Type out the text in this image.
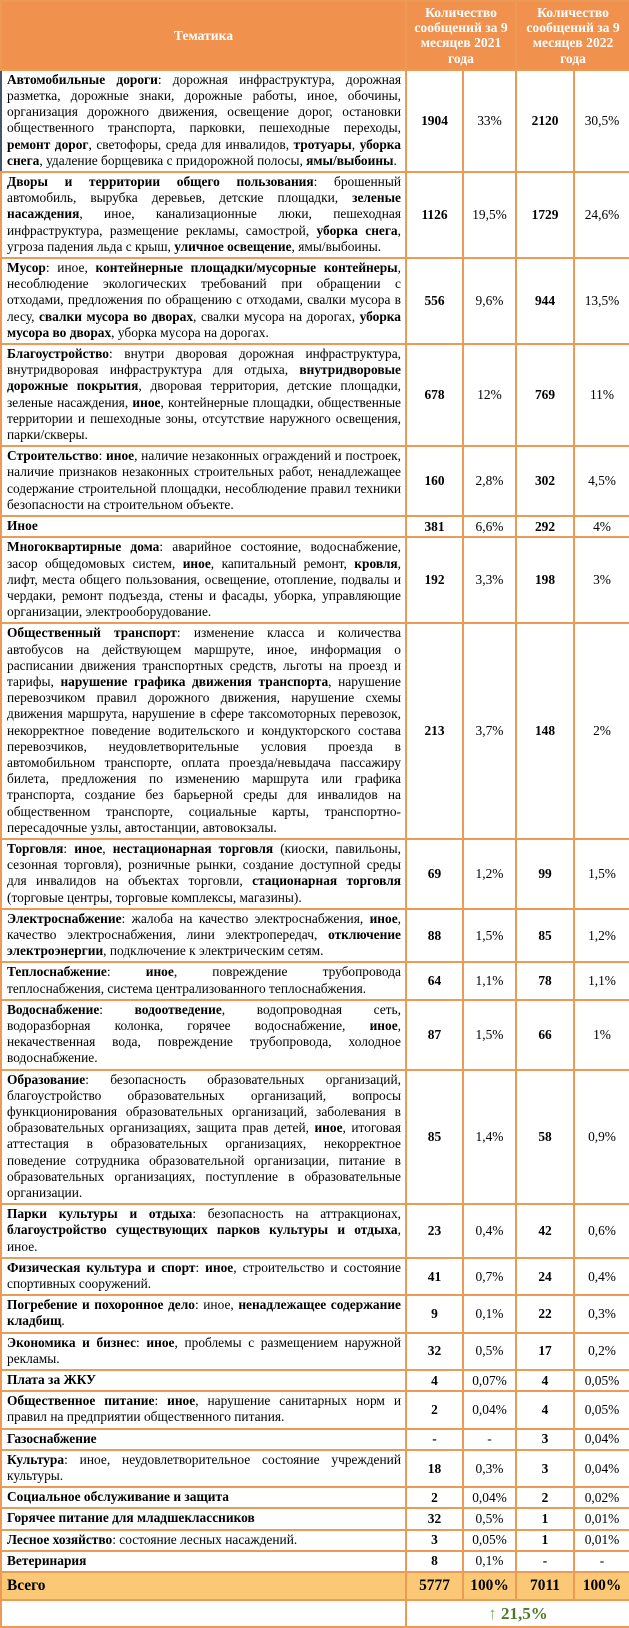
Тематика	Количество сообщений за 9 месяцев 2021 года		Количество сообщений за 9 месяцев 2022 года	
Автомобильные дороги: дорожная инфраструктура, дорожная разметка, дорожные знаки, дорожные работы, иное, обочины, организация дорожного движения, освещение дорог, остановки общественного транспорта, парковки, пешеходные переходы, ремонт дорог, светофоры, среда для инвалидов, тротуары, уборка снега, удаление борщевика с придорожной полосы, ямы/выбоины.	1904	33%	2120	30,5%
Дворы и территории общего пользования: брошенный автомобиль, вырубка деревьев, детские площадки, зеленые насаждения, иное, канализационные люки, пешеходная инфраструктура, размещение рекламы, самострой, уборка снега, угроза падения льда с крыш, уличное освещение, ямы/выбоины.	1126	19,5%	1729	24,6%
Мусор: иное, контейнерные площадки/мусорные контейнеры, несоблюдение экологических требований при обращении с отходами, предложения по обращению с отходами, свалки мусора в лесу, свалки мусора во дворах, свалки мусора на дорогах, уборка мусора во дворах, уборка мусора на дорогах.	556	9,6%	944	13,5%
Благоустройство: внутри дворовая дорожная инфраструктура, внутридворовая инфраструктура для отдыха, внутридворовые дорожные покрытия, дворовая территория, детские площадки, зеленые насаждения, иное, контейнерные площадки, общественные территории и пешеходные зоны, отсутствие наружного освещения, парки/скверы.	678	12%	769	11%
Строительство: иное, наличие незаконных ограждений и построек, наличие признаков незаконных строительных работ, ненадлежащее содержание строительной площадки, несоблюдение правил техники безопасности на строительном объекте.	160	2,8%	302	4,5%
Иное	381	6,6%	292	4%
Многоквартирные дома: аварийное состояние, водоснабжение, засор общедомовых систем, иное, капитальный ремонт, кровля, лифт, места общего пользования, освещение, отопление, подвалы и чердаки, ремонт подъезда, стены и фасады, уборка, управляющие организации, электрооборудование.	192	3,3%	198	3%
Общественный транспорт: изменение класса и количества автобусов на действующем маршруте, иное, информация о расписании движения транспортных средств, льготы на проезд и тарифы, нарушение графика движения транспорта, нарушение перевозчиком правил дорожного движения, нарушение схемы движения маршрута, нарушение в сфере таксомоторных перевозок, некорректное поведение водительского и кондукторского состава перевозчиков, неудовлетворительные условия проезда в автомобильном транспорте, оплата проезда/невыдача пассажиру билета, предложения по изменению маршрута или графика транспорта, создание без барьерной среды для инвалидов на общественном транспорте, социальные карты, транспортно-пересадочные узлы, автостанции, автовокзалы.	213	3,7%	148	2%
Торговля: иное, нестационарная торговля (киоски, павильоны, сезонная торговля), розничные рынки, создание доступной среды для инвалидов на объектах торговли, стационарная торговля (торговые центры, торговые комплексы, магазины).	69	1,2%	99	1,5%
Электроснабжение: жалоба на качество электроснабжения, иное, качество электроснабжения, лини электропередач, отключение электроэнергии, подключение к электрическим сетям.	88	1,5%	85	1,2%
Теплоснабжение: иное, повреждение трубопровода теплоснабжения, система централизованного теплоснабжения.	64	1,1%	78	1,1%
Водоснабжение: водоотведение, водопроводная сеть, водоразборная колонка, горячее водоснабжение, иное, некачественная вода, повреждение трубопровода, холодное водоснабжение.	87	1,5%	66	1%
Образование: безопасность образовательных организаций, благоустройство образовательных организаций, вопросы функционирования образовательных организаций, заболевания в образовательных организациях, защита прав детей, иное, итоговая аттестация в образовательных организациях, некорректное поведение сотрудника образовательной организации, питание в образовательных организациях, поступление в образовательные организации.	85	1,4%	58	0,9%
Парки культуры и отдыха: безопасность на аттракционах, благоустройство существующих парков культуры и отдыха, иное.	23	0,4%	42	0,6%
Физическая культура и спорт: иное, строительство и состояние спортивных сооружений.	41	0,7%	24	0,4%
Погребение и похоронное дело: иное, ненадлежащее содержание кладбищ.	9	0,1%	22	0,3%
Экономика и бизнес: иное, проблемы с размещением наружной рекламы.	32	0,5%	17	0,2%
Плата за ЖКУ	4	0,07%	4	0,05%
Общественное питание: иное, нарушение санитарных норм и правил на предприятии общественного питания.	2	0,04%	4	0,05%
Газоснабжение	-	-	3	0,04%
Культура: иное, неудовлетворительное состояние учреждений культуры.	18	0,3%	3	0,04%
Социальное обслуживание и защита	2	0,04%	2	0,02%
Горячее питание для младшеклассников	32	0,5%	1	0,01%
Лесное хозяйство: состояние лесных насаждений.	3	0,05%	1	0,01%
Ветеринария	8	0,1%	-	-
Всего	5777	100%	7011	100%
	↑ 21,5%			
